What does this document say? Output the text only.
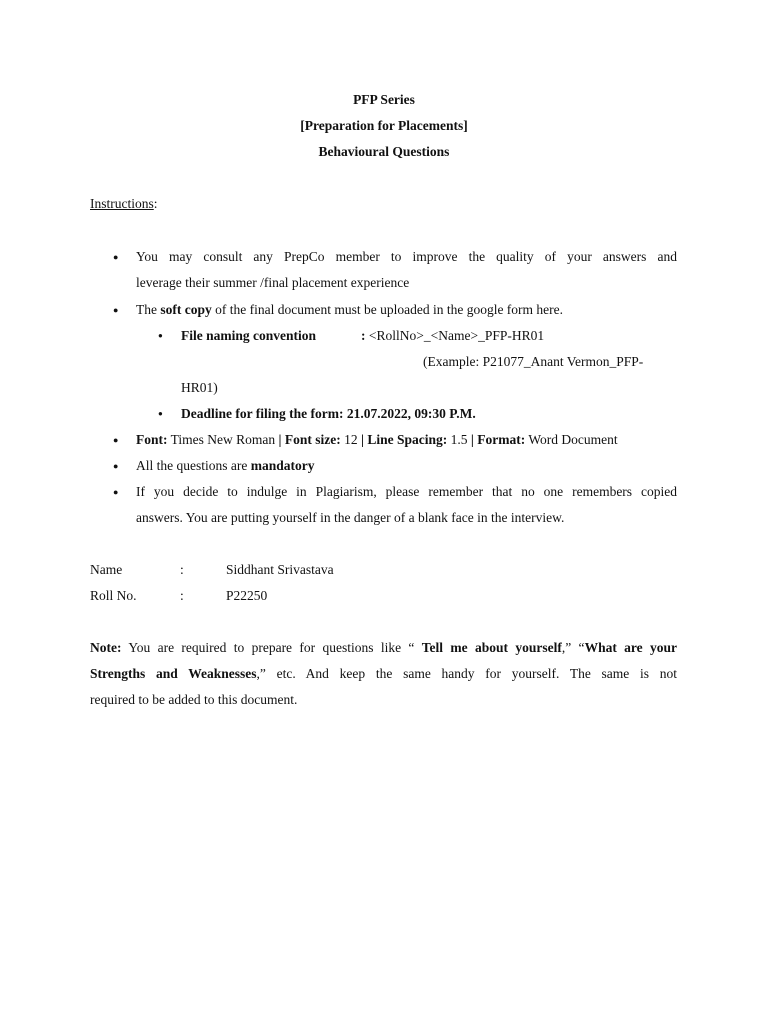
PFP Series
[Preparation for Placements]
Behavioural Questions
Instructions:
● You may consult any PrepCo member to improve the quality of your answers and
leverage their summer /final placement experience
● The soft copy of the final document must be uploaded in the google form here.
● File naming convention	: <RollNo>_<Name>_PFP-HR01
(Example: P21077_Anant Vermon_PFP-
HR01)
● Deadline for filing the form: 21.07.2022, 09:30 P.M.
● Font: Times New Roman | Font size: 12 | Line Spacing: 1.5 | Format: Word Document
● All the questions are mandatory
● If you decide to indulge in Plagiarism, please remember that no one remembers copied
answers. You are putting yourself in the danger of a blank face in the interview.
Name	:	Siddhant Srivastava
Roll No.	:	P22250
Note: You are required to prepare for questions like “ Tell me about yourself,” “What are your
Strengths and Weaknesses,” etc. And keep the same handy for yourself. The same is not
required to be added to this document.
